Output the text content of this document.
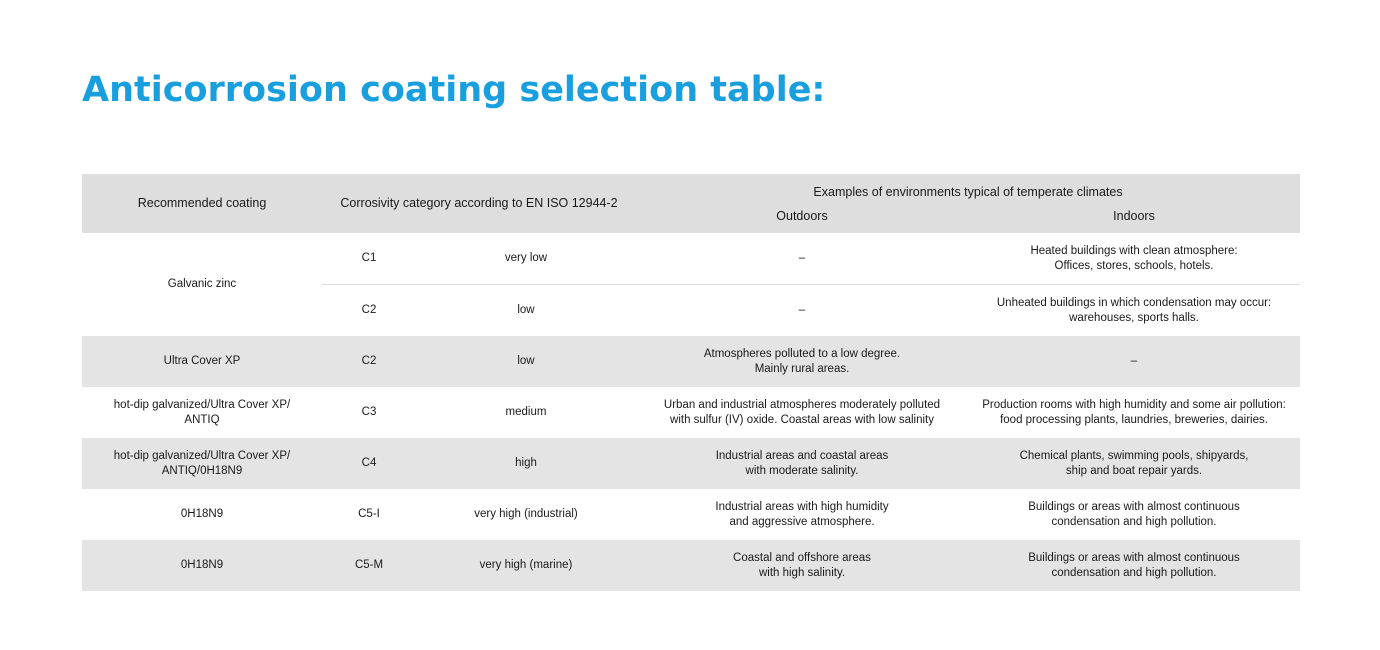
Anticorrosion coating selection table:
Recommended coating	Corrosivity category according to EN ISO 12944-2		Examples of environments typical of temperate climates	
			Outdoors	Indoors
Galvanic zinc	C1	very low	–	Heated buildings with clean atmosphere:
Offices, stores, schools, hotels.
	C2	low	–	Unheated buildings in which condensation may occur:
warehouses, sports halls.
Ultra Cover XP	C2	low	Atmospheres polluted to a low degree.
Mainly rural areas.	–
hot-dip galvanized/Ultra Cover XP/
ANTIQ	C3	medium	Urban and industrial atmospheres moderately polluted
with sulfur (IV) oxide. Coastal areas with low salinity	Production rooms with high humidity and some air pollution:
food processing plants, laundries, breweries, dairies.
hot-dip galvanized/Ultra Cover XP/
ANTIQ/0H18N9	C4	high	Industrial areas and coastal areas
with moderate salinity.	Chemical plants, swimming pools, shipyards,
ship and boat repair yards.
0H18N9	C5-I	very high (industrial)	Industrial areas with high humidity
and aggressive atmosphere.	Buildings or areas with almost continuous
condensation and high pollution.
0H18N9	C5-M	very high (marine)	Coastal and offshore areas
with high salinity.	Buildings or areas with almost continuous
condensation and high pollution.
